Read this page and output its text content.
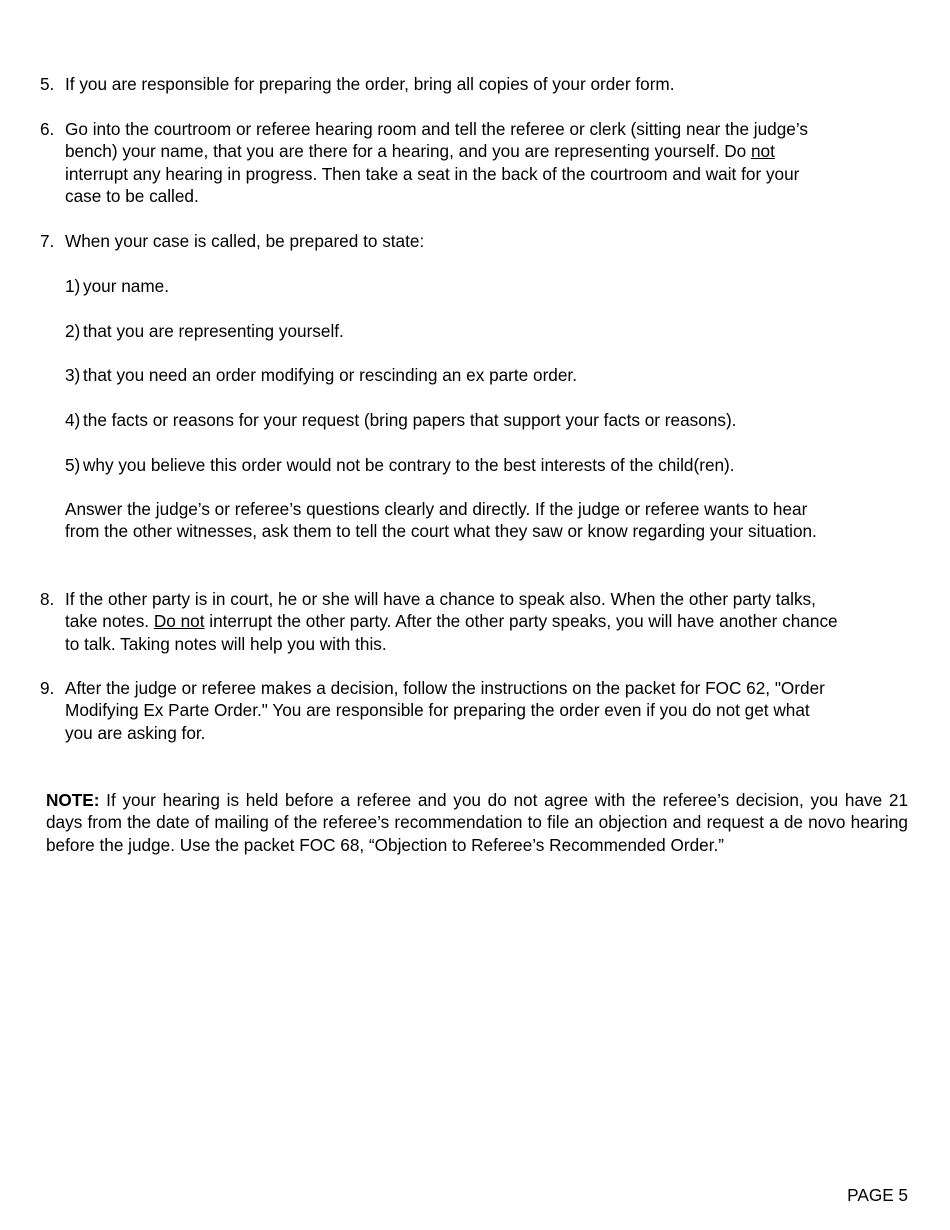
5. If you are responsible for preparing the order, bring all copies of your order form.
6. Go into the courtroom or referee hearing room and tell the referee or clerk (sitting near the judge’s bench) your name, that you are there for a hearing, and you are representing yourself. Do not interrupt any hearing in progress. Then take a seat in the back of the courtroom and wait for your case to be called.
7. When your case is called, be prepared to state:
1) your name.
2) that you are representing yourself.
3) that you need an order modifying or rescinding an ex parte order.
4) the facts or reasons for your request (bring papers that support your facts or reasons).
5) why you believe this order would not be contrary to the best interests of the child(ren).
Answer the judge’s or referee’s questions clearly and directly. If the judge or referee wants to hear from the other witnesses, ask them to tell the court what they saw or know regarding your situation.
8. If the other party is in court, he or she will have a chance to speak also. When the other party talks, take notes. Do not interrupt the other party. After the other party speaks, you will have another chance to talk. Taking notes will help you with this.
9. After the judge or referee makes a decision, follow the instructions on the packet for FOC 62, "Order Modifying Ex Parte Order." You are responsible for preparing the order even if you do not get what you are asking for.
NOTE: If your hearing is held before a referee and you do not agree with the referee’s decision, you have 21 days from the date of mailing of the referee’s recommendation to file an objection and request a de novo hearing before the judge. Use the packet FOC 68, “Objection to Referee’s Recommended Order.”
PAGE 5
